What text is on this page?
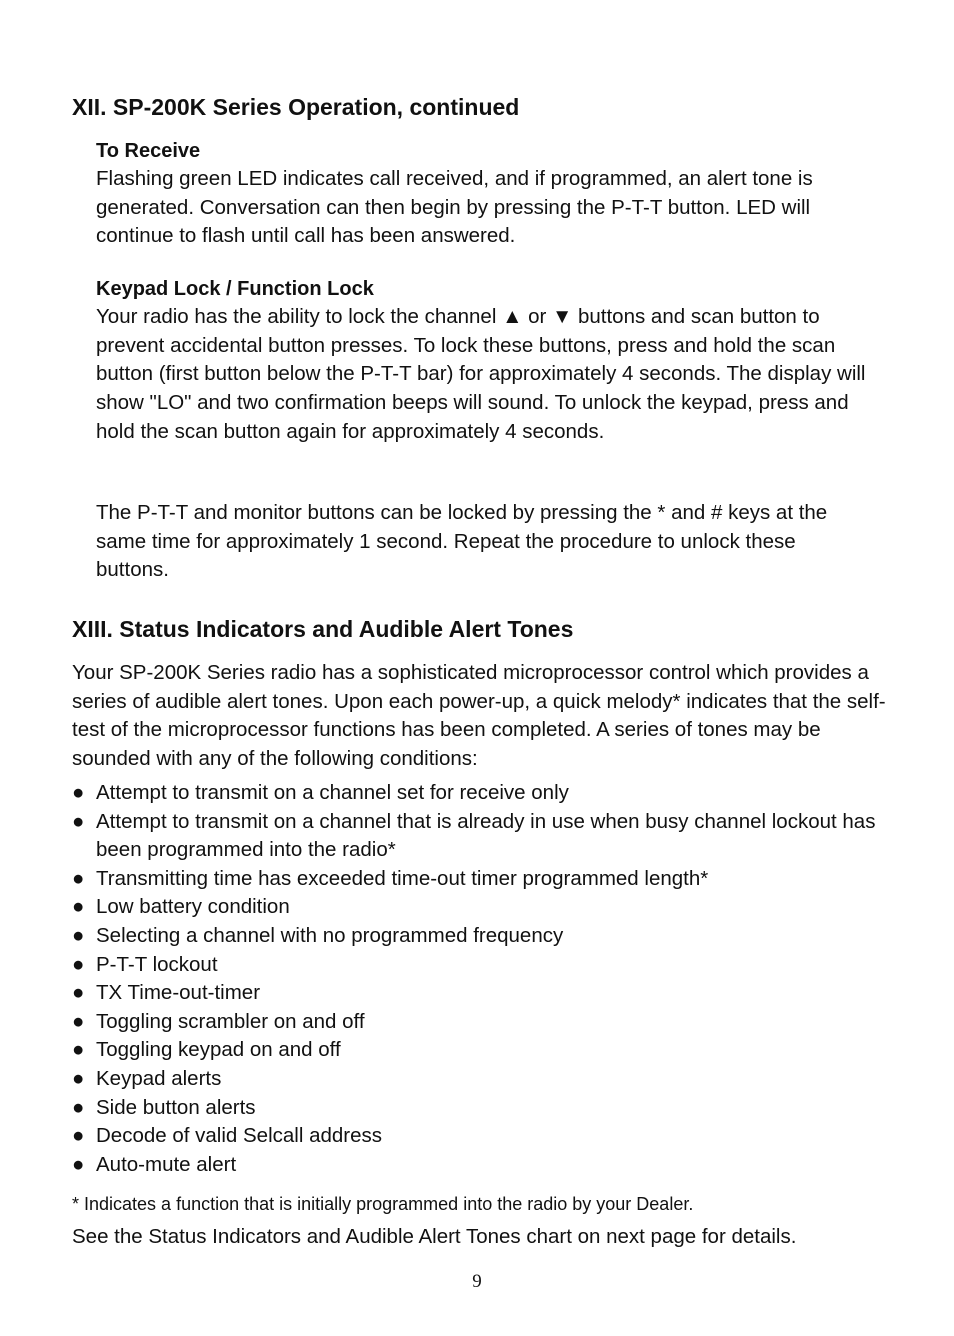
XII. SP-200K Series Operation, continued
To Receive

Flashing green LED indicates call received, and if programmed, an alert tone is generated. Conversation can then begin by pressing the P-T-T button. LED will continue to flash until call has been answered.

Keypad Lock / Function Lock

Your radio has the ability to lock the channel ▲ or ▼ buttons and scan button to prevent accidental button presses. To lock these buttons, press and hold the scan button (first button below the P-T-T bar) for approximately 4 seconds. The display will show "LO" and two confirmation beeps will sound. To unlock the keypad, press and hold the scan button again for approximately 4 seconds.

The P-T-T and monitor buttons can be locked by pressing the * and # keys at the same time for approximately 1 second. Repeat the procedure to unlock these buttons.

XIII. Status Indicators and Audible Alert Tones

Your SP-200K Series radio has a sophisticated microprocessor control which provides a series of audible alert tones. Upon each power-up, a quick melody* indicates that the self-test of the microprocessor functions has been completed. A series of tones may be sounded with any of the following conditions:

● Attempt to transmit on a channel set for receive only
● Attempt to transmit on a channel that is already in use when busy channel lockout has been programmed into the radio*
● Transmitting time has exceeded time-out timer programmed length*
● Low battery condition
● Selecting a channel with no programmed frequency
● P-T-T lockout
● TX Time-out-timer
● Toggling scrambler on and off
● Toggling keypad on and off
● Keypad alerts
● Side button alerts
● Decode of valid Selcall address
● Auto-mute alert
* Indicates a function that is initially programmed into the radio by your Dealer.
See the Status Indicators and Audible Alert Tones chart on next page for details.
9
